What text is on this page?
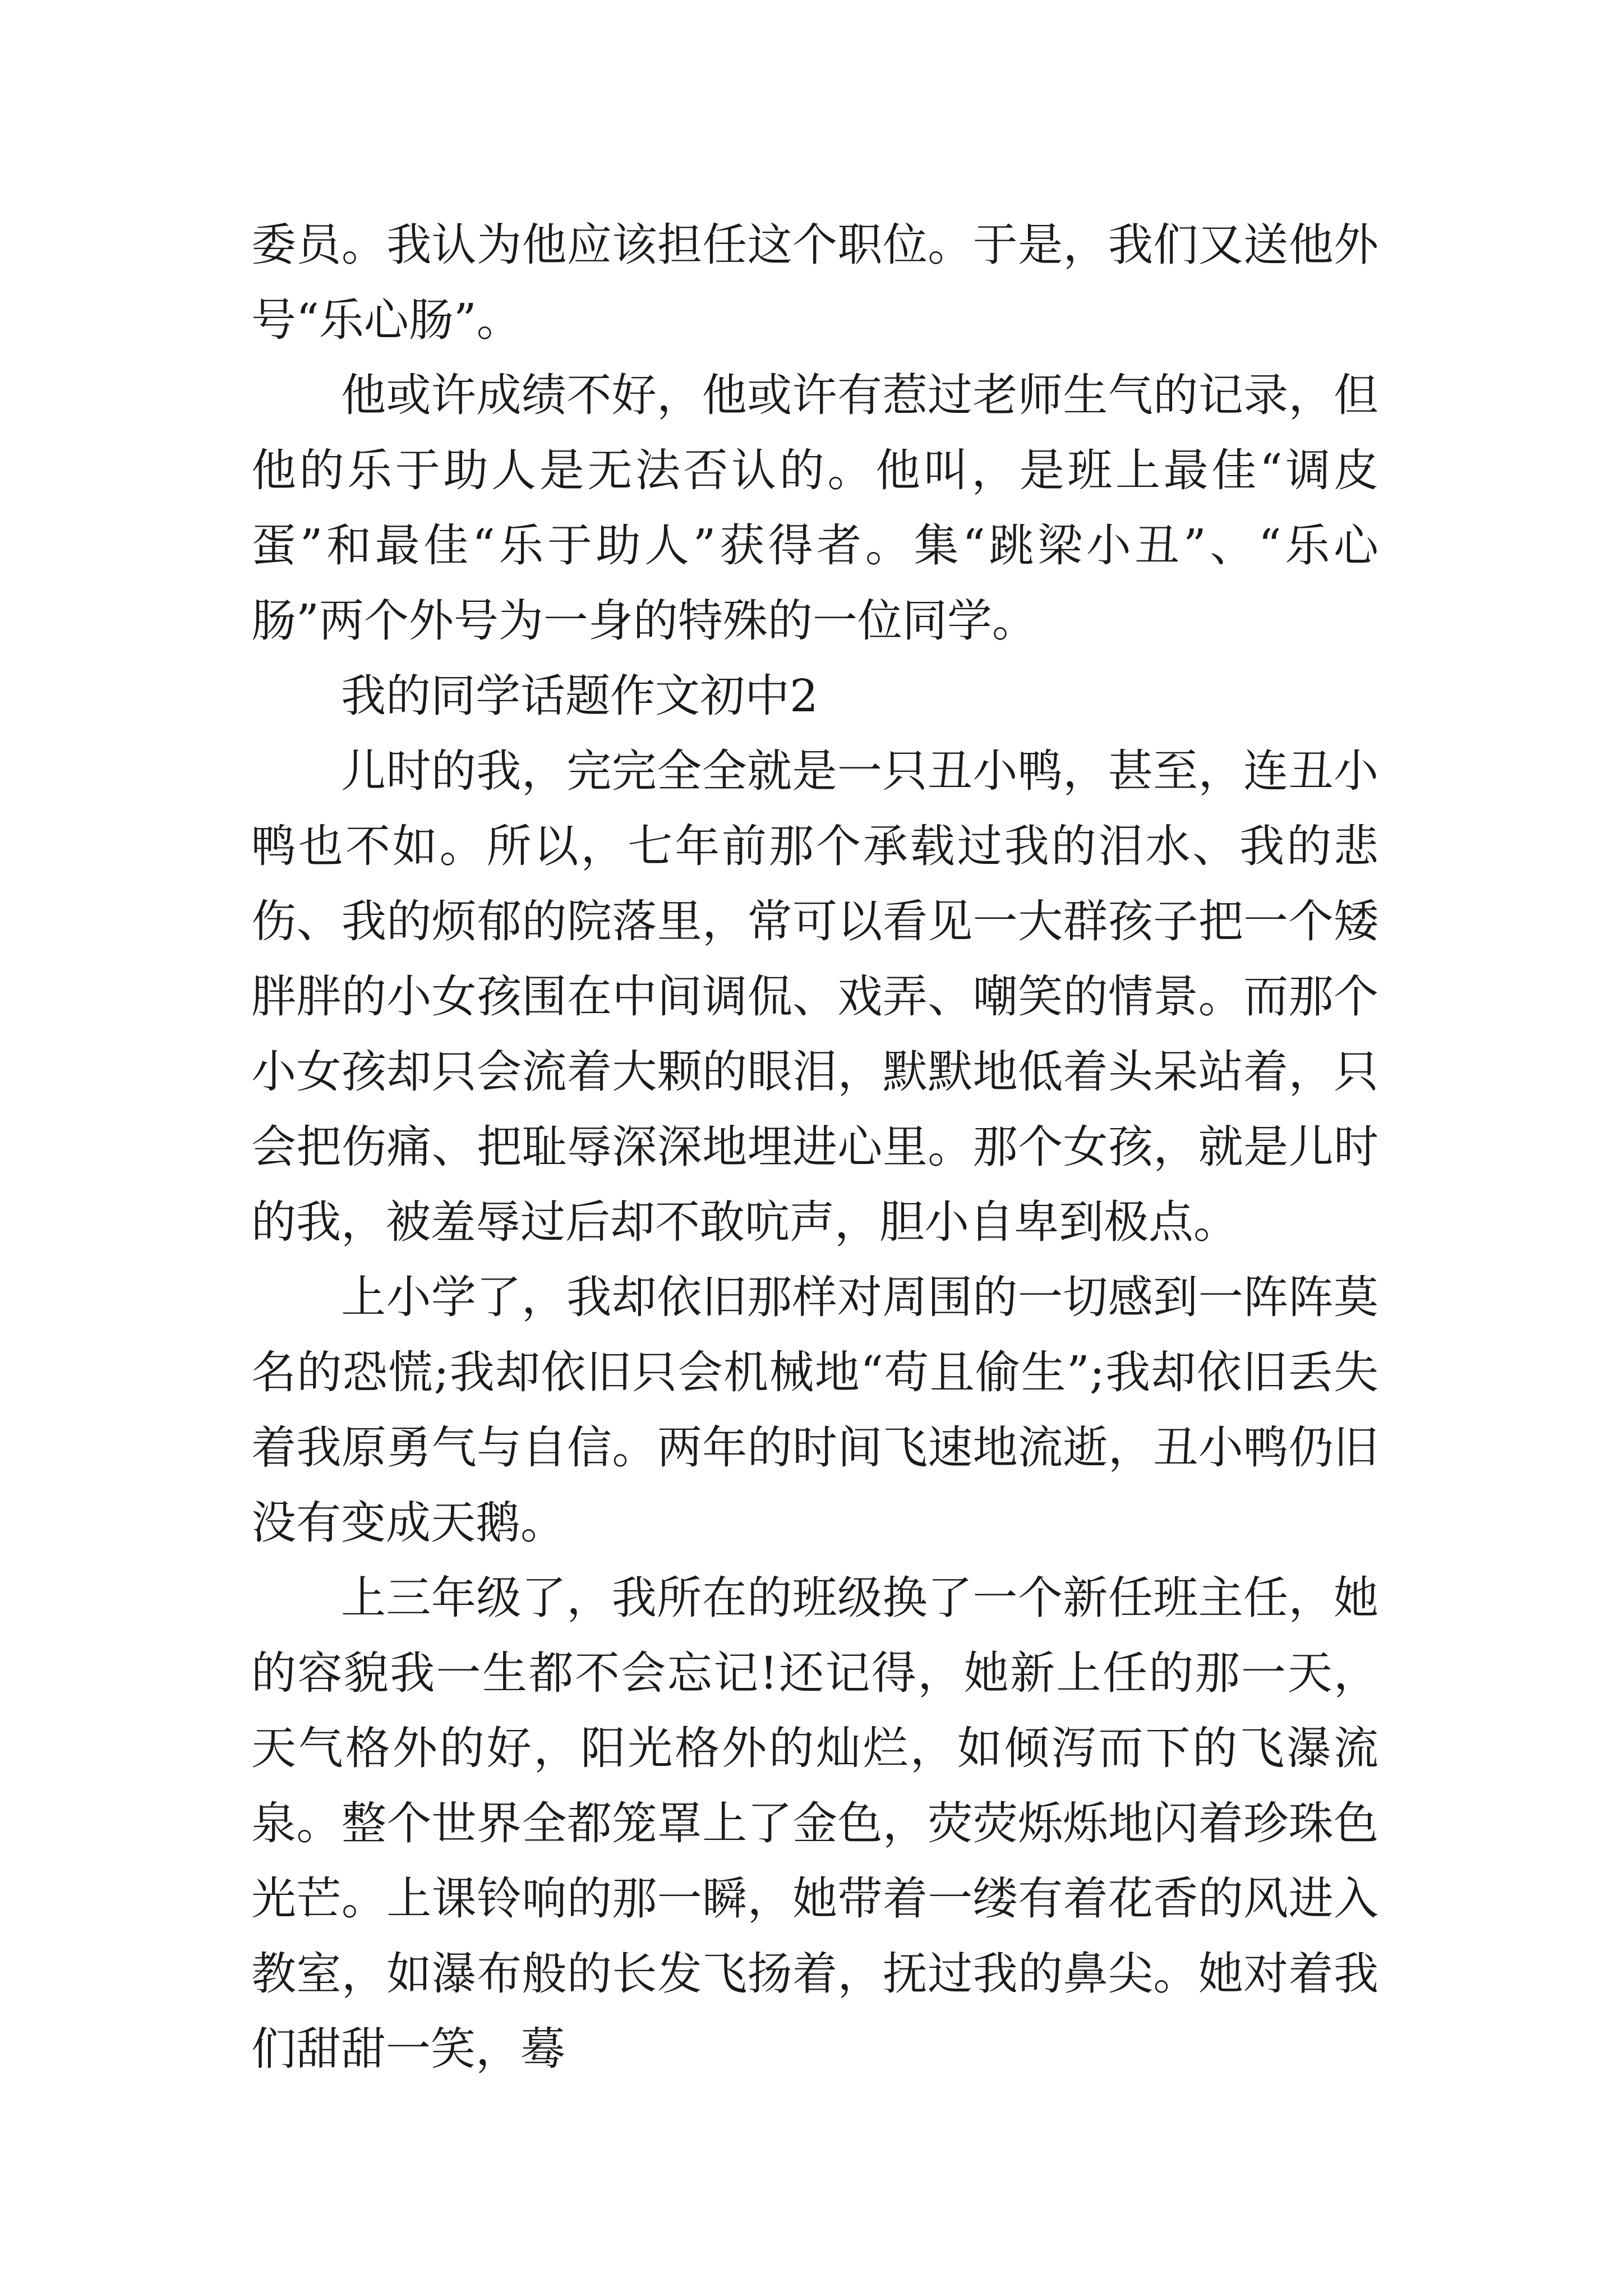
委员。我认为他应该担任这个职位。于是，我们又送他外号“乐心肠”。

他或许成绩不好，他或许有惹过老师生气的记录，但他的乐于助人是无法否认的。他叫，是班上最佳“调皮蛋”和最佳“乐于助人”获得者。集“跳梁小丑”、“乐心肠”两个外号为一身的特殊的一位同学。

我的同学话题作文初中2

儿时的我，完完全全就是一只丑小鸭，甚至，连丑小鸭也不如。所以，七年前那个承载过我的泪水、我的悲伤、我的烦郁的院落里，常可以看见一大群孩子把一个矮胖胖的小女孩围在中间调侃、戏弄、嘲笑的情景。而那个小女孩却只会流着大颗的眼泪，默默地低着头呆站着，只会把伤痛、把耻辱深深地埋进心里。那个女孩，就是儿时的我，被羞辱过后却不敢吭声，胆小自卑到极点。

上小学了，我却依旧那样对周围的一切感到一阵阵莫名的恐慌;我却依旧只会机械地“苟且偷生”;我却依旧丢失着我原勇气与自信。两年的时间飞速地流逝，丑小鸭仍旧没有变成天鹅。

上三年级了，我所在的班级换了一个新任班主任，她的容貌我一生都不会忘记!还记得，她新上任的那一天，天气格外的好，阳光格外的灿烂，如倾泻而下的飞瀑流泉。整个世界全都笼罩上了金色，荧荧烁烁地闪着珍珠色光芒。上课铃响的那一瞬，她带着一缕有着花香的风进入教室，如瀑布般的长发飞扬着，抚过我的鼻尖。她对着我们甜甜一笑，蓦
